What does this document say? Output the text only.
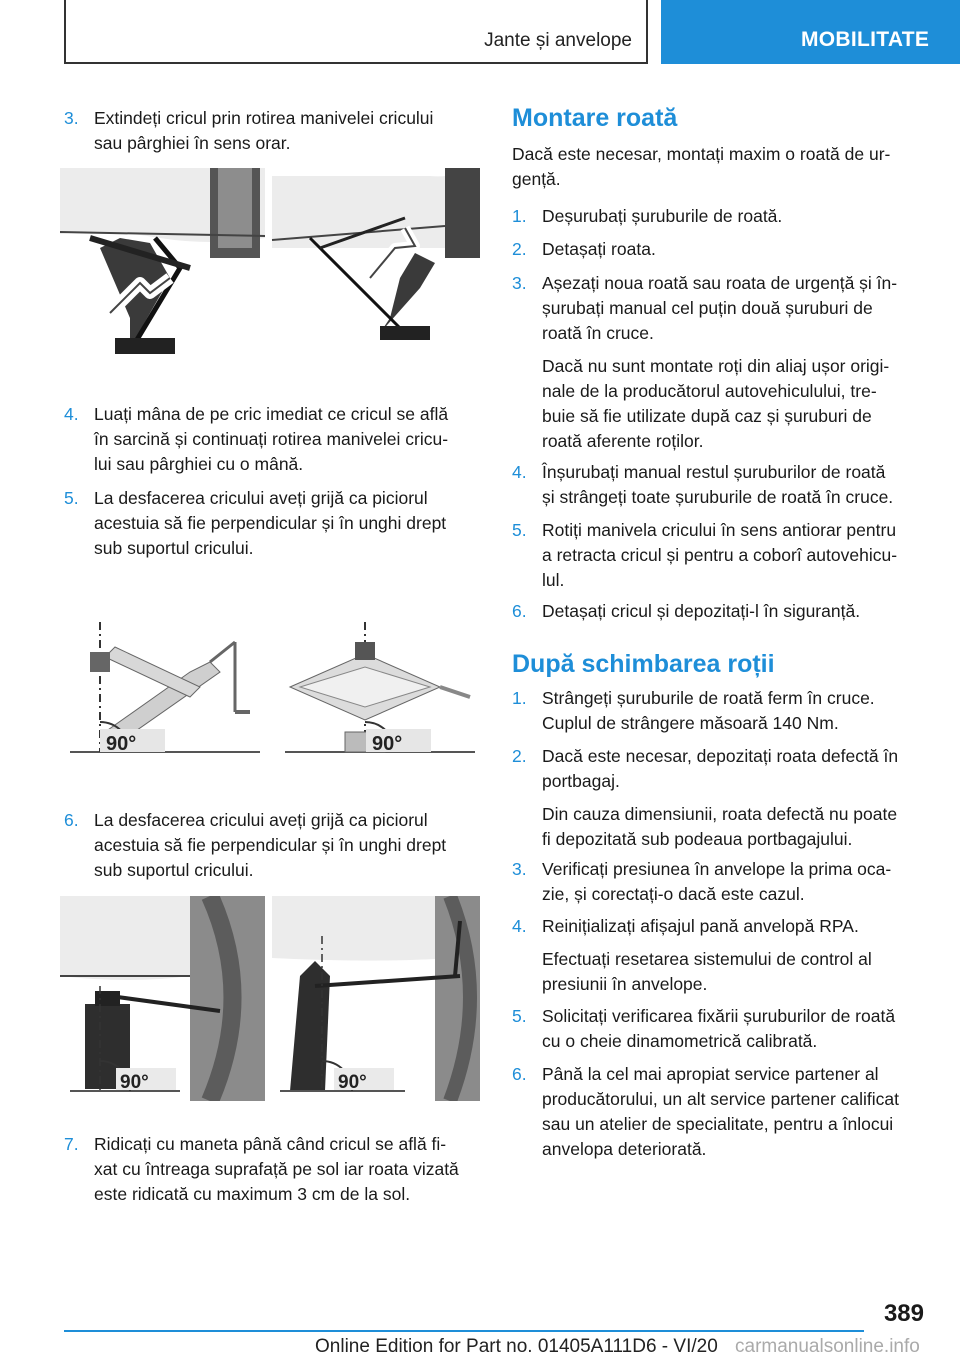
Jante și anvelope	MOBILITATE
3. Extindeți cricul prin rotirea manivelei cricului
sau pârghiei în sens orar.
4. Luați mâna de pe cric imediat ce cricul se află
în sarcină și continuați rotirea manivelei cricu‐
lui sau pârghiei cu o mână.
5. La desfacerea cricului aveți grijă ca piciorul
acestuia să fie perpendicular și în unghi drept
sub suportul cricului.
90°	90°
6. La desfacerea cricului aveți grijă ca piciorul
acestuia să fie perpendicular și în unghi drept
sub suportul cricului.
90°	90°
7. Ridicați cu maneta până când cricul se află fi‐
xat cu întreaga suprafață pe sol iar roata vizată
este ridicată cu maximum 3 cm de la sol.
Montare roată
Dacă este necesar, montați maxim o roată de ur‐
gență.
1. Deșurubați șuruburile de roată.
2. Detașați roata.
3. Așezați noua roată sau roata de urgență și în‐
șurubați manual cel puțin două șuruburi de
roată în cruce.
Dacă nu sunt montate roți din aliaj ușor origi‐
nale de la producătorul autovehiculului, tre‐
buie să fie utilizate după caz și șuruburi de
roată aferente roților.
4. Înșurubați manual restul șuruburilor de roată
și strângeți toate șuruburile de roată în cruce.
5. Rotiți manivela cricului în sens antiorar pentru
a retracta cricul și pentru a coborî autovehicu‐
lul.
6. Detașați cricul și depozitați-l în siguranță.
După schimbarea roții
1. Strângeți șuruburile de roată ferm în cruce.
Cuplul de strângere măsoară 140 Nm.
2. Dacă este necesar, depozitați roata defectă în
portbagaj.
Din cauza dimensiunii, roata defectă nu poate
fi depozitată sub podeaua portbagajului.
3. Verificați presiunea în anvelope la prima oca‐
zie, și corectați-o dacă este cazul.
4. Reinițializați afișajul pană anvelopă RPA.
Efectuați resetarea sistemului de control al
presiunii în anvelope.
5. Solicitați verificarea fixării șuruburilor de roată
cu o cheie dinamometrică calibrată.
6. Până la cel mai apropiat service partener al
producătorului, un alt service partener calificat
sau un atelier de specialitate, pentru a înlocui
anvelopa deteriorată.
389
Online Edition for Part no. 01405A111D6 - VI/20 carmanualsonline.info
